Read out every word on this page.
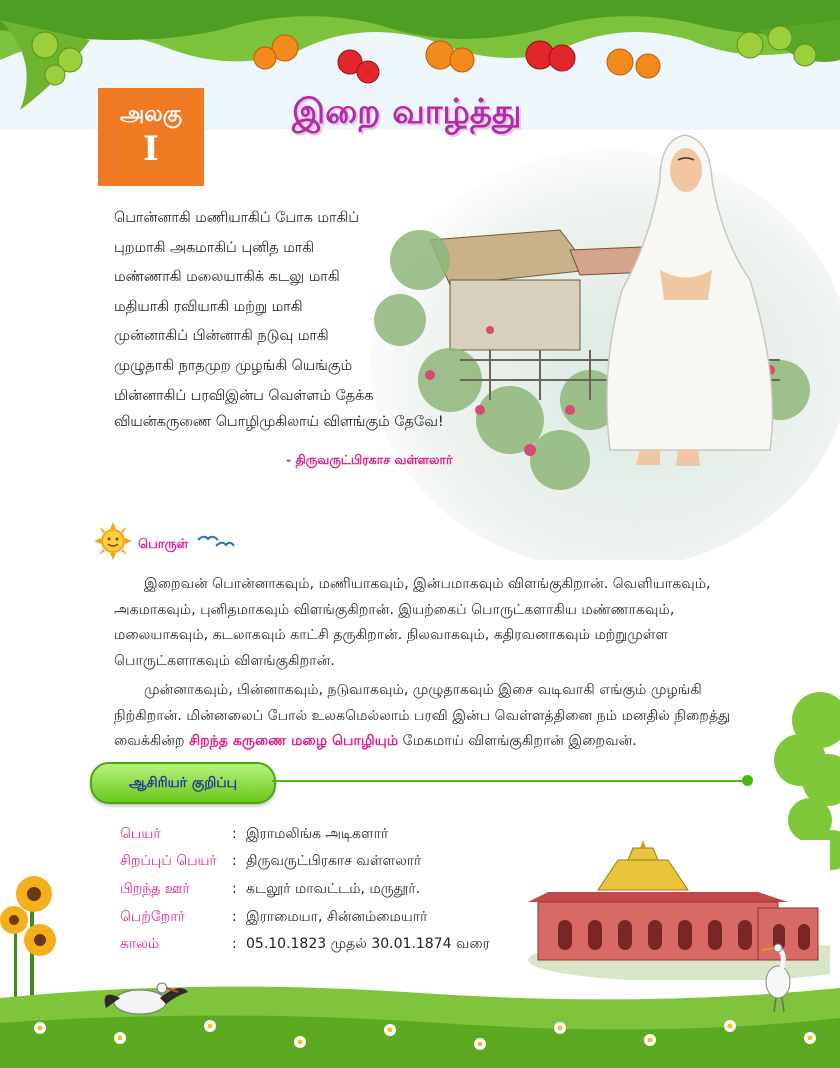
அலகு
I
இறை வாழ்த்து
பொன்னாகி மணியாகிப் போக மாகிப்
புறமாகி அகமாகிப் புனித மாகி
மண்ணாகி மலையாகிக் கடலு மாகி
மதியாகி ரவியாகி மற்று மாகி
முன்னாகிப் பின்னாகி நடுவு மாகி
முழுதாகி நாதமுற முழங்கி யெங்கும்
மின்னாகிப் பரவிஇன்ப வெள்ளம் தேக்க
வியன்கருணை பொழிமுகிலாய் விளங்கும் தேவே!
- திருவருட்பிரகாச வள்ளலார்
பொருள்
இறைவன் பொன்னாகவும், மணியாகவும், இன்பமாகவும் விளங்குகிறான். வெளியாகவும்,
அகமாகவும், புனிதமாகவும் விளங்குகிறான். இயற்கைப் பொருட்களாகிய மண்ணாகவும்,
மலையாகவும், கடலாகவும் காட்சி தருகிறான். நிலவாகவும், கதிரவனாகவும் மற்றுமுள்ள
பொருட்களாகவும் விளங்குகிறான்.
முன்னாகவும், பின்னாகவும், நடுவாகவும், முழுதாகவும் இசை வடிவாகி எங்கும் முழங்கி
நிற்கிறான். மின்னலைப் போல் உலகமெல்லாம் பரவி இன்ப வெள்ளத்தினை நம் மனதில் நிறைத்து
வைக்கின்ற சிறந்த கருணை மழை பொழியும் மேகமாய் விளங்குகிறான் இறைவன்.
ஆசிரியர் குறிப்பு
பெயர்	: இராமலிங்க அடிகளார்
சிறப்புப் பெயர் : திருவருட்பிரகாச வள்ளலார்
பிறந்த ஊர்	: கடலூர் மாவட்டம், மருதூர்.
பெற்றோர்	: இராமையா, சின்னம்மையார்
காலம்	: 05.10.1823 முதல் 30.01.1874 வரை
